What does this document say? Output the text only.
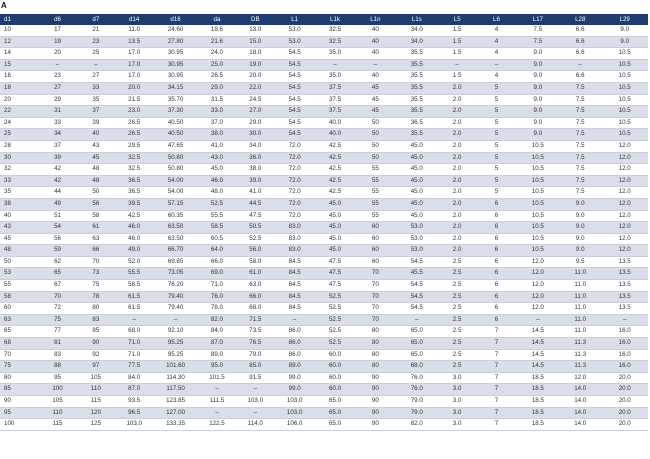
A
d1	d6	d7	d14	d16	da	DB	L1	L1k	L1n	L1s	L5	L6	L17	L28	L29
10	17	21	11.0	24.60	19.6	13.0	53.0	32.5	40	34.0	1.5	4	7.5	6.6	9.0
12	19	23	13.5	27.80	21.6	15.0	53.0	32.5	40	34.0	1.5	4	7.5	6.6	9.0
14	20	25	17.0	30.95	24.0	18.0	54.5	35.0	40	35.5	1.5	4	9.0	6.6	10.5
15	–	–	17.0	30.95	25.0	19.0	54.5	–	–	35.5	–	–	9.0	–	10.5
16	23	27	17.0	30.95	26.5	20.0	54.5	35.0	40	35.5	1.5	4	9.0	6.6	10.5
18	27	33	20.0	34.15	29.0	22.0	54.5	37.5	45	35.5	2.0	5	9.0	7.5	10.5
20	29	35	21.5	35.70	31.5	24.5	54.5	37.5	45	35.5	2.0	5	9.0	7.5	10.5
22	31	37	23.0	37.30	33.0	27.0	54.5	37.5	45	35.5	2.0	5	9.0	7.5	10.5
24	33	39	26.5	40.50	37.0	29.0	54.5	40.0	50	36.5	2.0	5	9.0	7.5	10.5
25	34	40	26.5	40.50	38.0	30.0	54.5	40.0	50	35.5	2.0	5	9.0	7.5	10.5
28	37	43	29.5	47.65	41.0	34.0	72.0	42.5	50	45.0	2.0	5	10.5	7.5	12.0
30	39	45	32.5	50.80	43.0	36.0	72.0	42.5	50	45.0	2.0	5	10.5	7.5	12.0
32	42	48	32.5	50.80	45.0	38.0	72.0	42.5	55	45.0	2.0	5	10.5	7.5	12.0
33	42	48	36.5	54.00	46.0	39.0	72.0	42.5	55	45.0	2.0	5	10.5	7.5	12.0
35	44	50	36.5	54.00	48.0	41.0	72.0	42.5	55	45.0	2.0	5	10.5	7.5	12.0
38	49	56	39.5	57.15	52.5	44.5	72.0	45.0	55	45.0	2.0	6	10.5	9.0	12.0
40	51	58	42.5	60.35	55.5	47.5	72.0	45.0	55	45.0	2.0	6	10.5	9.0	12.0
43	54	61	46.0	63.50	58.5	50.5	83.0	45.0	60	53.0	2.0	6	10.5	9.0	12.0
45	56	63	46.0	63.50	60.5	52.5	83.0	45.0	60	53.0	2.0	6	10.5	9.0	12.0
48	59	66	49.0	66.70	64.0	56.0	83.0	45.0	60	53.0	2.0	6	10.5	9.0	12.0
50	62	70	52.0	69.85	66.0	58.0	84.5	47.5	60	54.5	2.5	6	12.0	9.5	13.5
53	65	73	55.5	73.05	69.0	61.0	84.5	47.5	70	45.5	2.5	6	12.0	11.0	13.5
55	67	75	58.5	76.20	71.0	63.0	84.5	47.5	70	54.5	2.5	6	12.0	11.0	13.5
58	70	78	61.5	79.40	76.0	66.0	84.5	52.5	70	54.5	2.5	6	12.0	11.0	13.5
60	72	80	61.5	79.40	78.0	68.0	84.5	52.5	70	54.5	2.5	6	12.0	11.0	13.5
63	75	83	–	–	82.0	71.5	–	52.5	70	–	2.5	6	–	11.0	–
65	77	85	68.0	92.10	84.0	73.5	86.0	52.5	80	65.0	2.5	7	14.5	11.0	16.0
68	81	90	71.0	95.25	87.0	76.5	86.0	52.5	80	65.0	2.5	7	14.5	11.3	16.0
70	83	92	71.0	95.25	89.0	79.0	86.0	60.0	80	65.0	2.5	7	14.5	11.3	16.0
75	88	97	77.5	101.60	95.0	85.0	89.0	60.0	80	68.0	2.5	7	14.5	11.3	16.0
80	95	105	84.0	114.30	101.5	91.5	99.0	60.0	90	76.0	3.0	7	18.5	12.0	20.0
85	100	110	87.0	117.50	–	–	99.0	60.0	90	76.0	3.0	7	18.5	14.0	20.0
90	105	115	93.5	123.85	111.5	103.0	103.0	65.0	90	79.0	3.0	7	18.5	14.0	20.0
95	110	120	96.5	127.00	–	–	103.0	65.0	90	79.0	3.0	7	18.5	14.0	20.0
100	115	125	103.0	133.35	122.5	114.0	106.0	65.0	90	82.0	3.0	7	18.5	14.0	20.0
